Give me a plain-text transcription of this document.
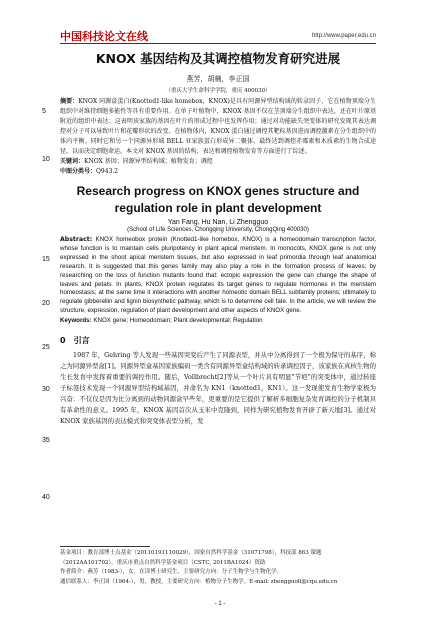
中国科技论文在线	http://www.paper.edu.cn
5
10
15
20
25
30
35
40
KNOX 基因结构及其调控植物发育研究进展
燕芳，胡楠，李正国
（重庆大学生命科学学院，重庆 400030）
摘要：KNOX 同源盒蛋白(Knotted1-like homebox，KNOX)是具有同源异型结构域的转录因子，它在植物顶端分生组织中对维持细胞多能性等具有重要作用。在单子叶植物中，KNOX 基因不仅在茎顶端分生组织中表达，还在叶片原基附近的组织中表达；这表明该家族的基因在叶片的形成过程中也发挥作用；通过对功能缺失突变体的研究发现其表达调控对分子可以导致叶片和花瓣形状的改变。在植物体内，KNOX 蛋白通过调控其靶标基因进而调控激素在分生组织中的体内平衡。同时它和另一个同源异形域 BELL 亚家族蛋白形成异二聚体，最终达到调控赤霉素和木质素的生物合成途径，以而决定细胞命运。本文对 KNOX 基因的结构、表达和调控植物发育等方面进行了综述。
关键词：KNOX 基因；同源异型结构域；植物发育；调控
中图分类号：Q943.2
Research progress on KNOX genes structure and regulation role in plant development
Yan Fang, Hu Nan, Li Zhengguo
(School of Life Sciences, Chongqing University, ChongQing 400030)
Abstract: KNOX homeobox protein (Knotted1-like homebox, KNOX) is a homeodomain transcription factor, whose function is to maintain cells pluripotency in plant apical meristem. In monocots, KNOX gene is not only expressed in the shoot apical meristem tissues, but also expressed in leaf primordia through leaf anatomical research. It is suggested that this genes family may also play a role in the formation process of leaves; by researching on the loss of function mutants found that: ectopic expression the gene can change the shape of leaves and petals. In plants, KNOX protein regulates its target genes to regulate hormones in the meristem homeostasis; at the same time it interactions with another homeotic domain BELL subfamily proteins; ultimately to regulate gibberellin and lignin biosynthetic pathway, which is to determine cell fate. In the article, we will review the structure, expression, regulation of plant development and other aspects of KNOX gene.
Keywords: KNOX gene; Homeodomain; Plant developmental; Regulation
0 引言
1987 年，Gehring 等人发现一些基因突变后产生了同源表型，并从中分离得到了一个极为保守的基序，称之为同源异型盒[1]。同源异型盒基因家族编码一类含有同源异型盒结构域的转录调控因子，该家族在真核生物的生长发育中发挥着重要的调控作用。随后，Vollbrecht[2]等从一个叶片具有明显"节疤"的突变体中，通过转座子标签技术发现一个同源异型结构域基因，并命名为 KN1（knotted1，KN1）。这一发现使发育生物学家极为兴奋：不仅仅是因为比分离到的动物同源盒早些年，更重要的是它提供了解析多细胞复杂发育调控的分子机制具有革命性的意义。1995 年，KNOX 基因首次从玉米中克隆到，同样为研究植物发育开辟了新天地[3]。通过对 KNOX 家族基因的表达模式和突变体表型分析，发
基金项目：教育部博士点基金（20110191110029），国家自然科学基金（31071798），科技部 863 课题（2012AA101702），重庆市重点自然科学基金项目（CSTC, 2011BA1024）资助
作者简介：燕芳（1983-），女，在读博士研究生，主要研究方向：分子生物学与生物化学。
通信联系人：李正国（1964-），男，教授，主要研究方向：植物分子生物学。E-mail: zhengguoli@cqu.edu.cn
- 1 -
